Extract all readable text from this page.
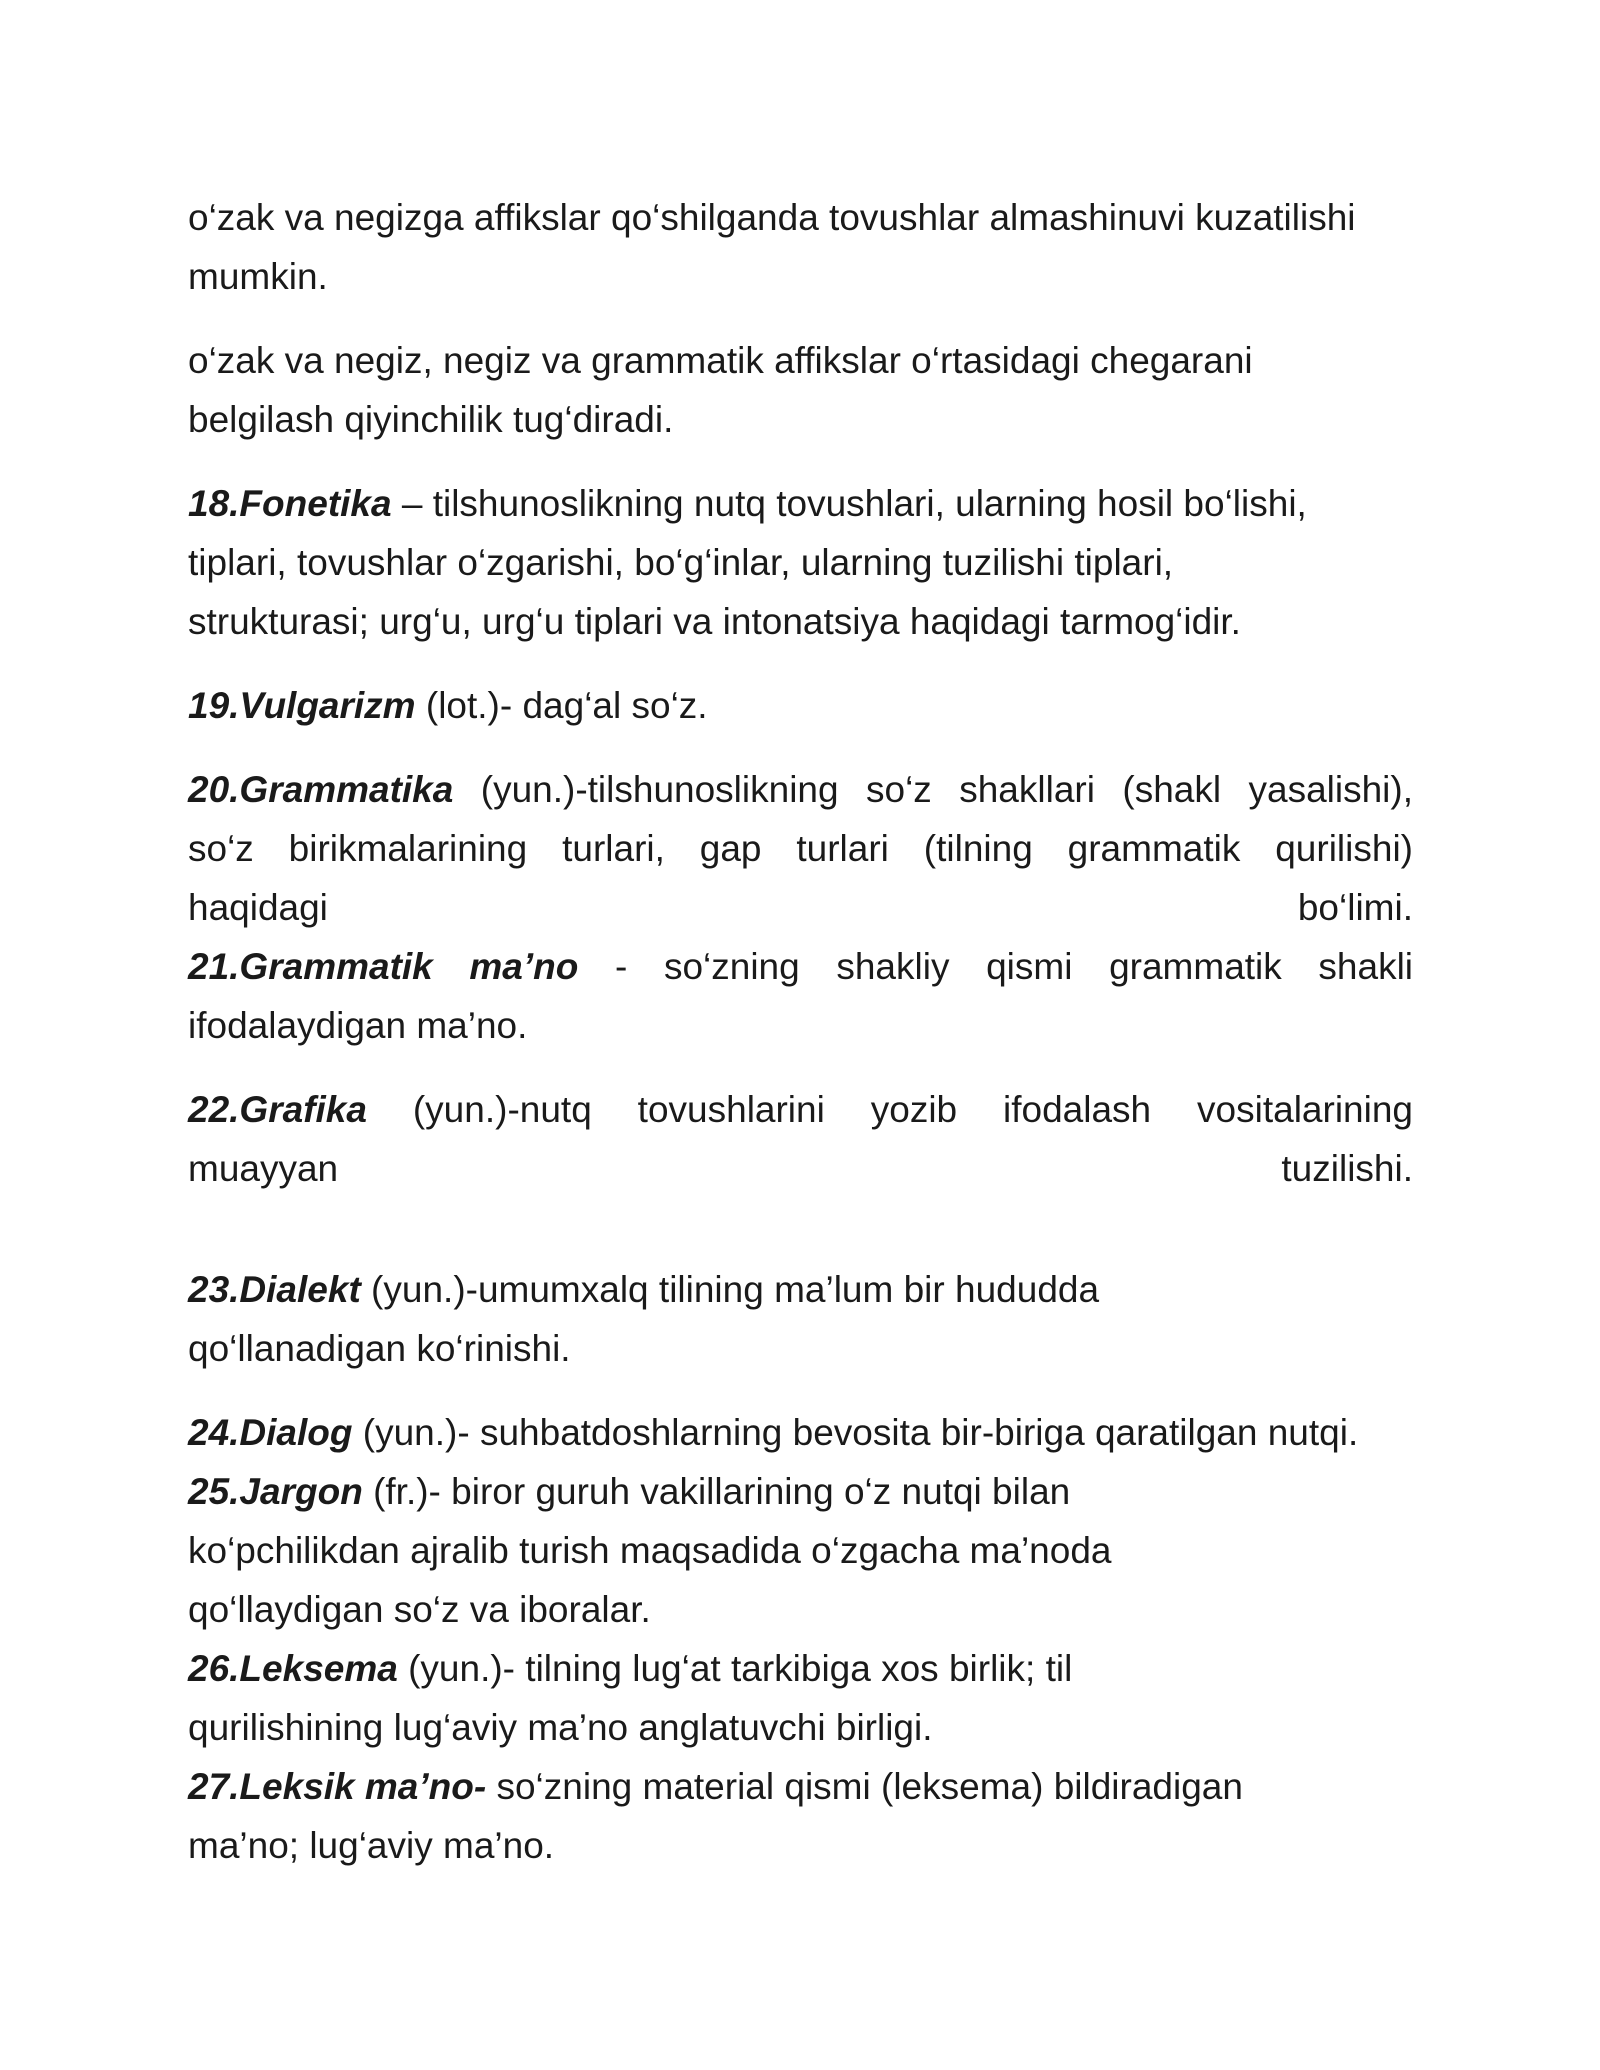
o‘zak va negizga affikslar qo‘shilganda tovushlar almashinuvi kuzatilishi
mumkin.

o‘zak va negiz, negiz va grammatik affikslar o‘rtasidagi chegarani
belgilash qiyinchilik tug‘diradi.

18.Fonetika – tilshunoslikning nutq tovushlari, ularning hosil bo‘lishi,
tiplari, tovushlar o‘zgarishi, bo‘g‘inlar, ularning tuzilishi tiplari,
strukturasi; urg‘u, urg‘u tiplari va intonatsiya haqidagi tarmog‘idir.

19.Vulgarizm (lot.)- dag‘al so‘z.

20.Grammatika (yun.)-tilshunoslikning so‘z shakllari (shakl yasalishi),
so‘z birikmalarining turlari, gap turlari (tilning grammatik qurilishi)
haqidagi	bo‘limi.

21.Grammatik ma’no - so‘zning shakliy qismi grammatik shakli
ifodalaydigan ma’no.

22.Grafika (yun.)-nutq tovushlarini yozib ifodalash vositalarining
muayyan	tuzilishi.

23.Dialekt (yun.)-umumxalq tilining ma’lum bir hududda
qo‘llanadigan ko‘rinishi.

24.Dialog (yun.)- suhbatdoshlarning bevosita bir-biriga qaratilgan nutqi.

25.Jargon (fr.)- biror guruh vakillarining o‘z nutqi bilan
ko‘pchilikdan ajralib turish maqsadida o‘zgacha ma’noda
qo‘llaydigan so‘z va iboralar.

26.Leksema (yun.)- tilning lug‘at tarkibiga xos birlik; til
qurilishining lug‘aviy ma’no anglatuvchi birligi.

27.Leksik ma’no- so‘zning material qismi (leksema) bildiradigan
ma’no; lug‘aviy ma’no.
